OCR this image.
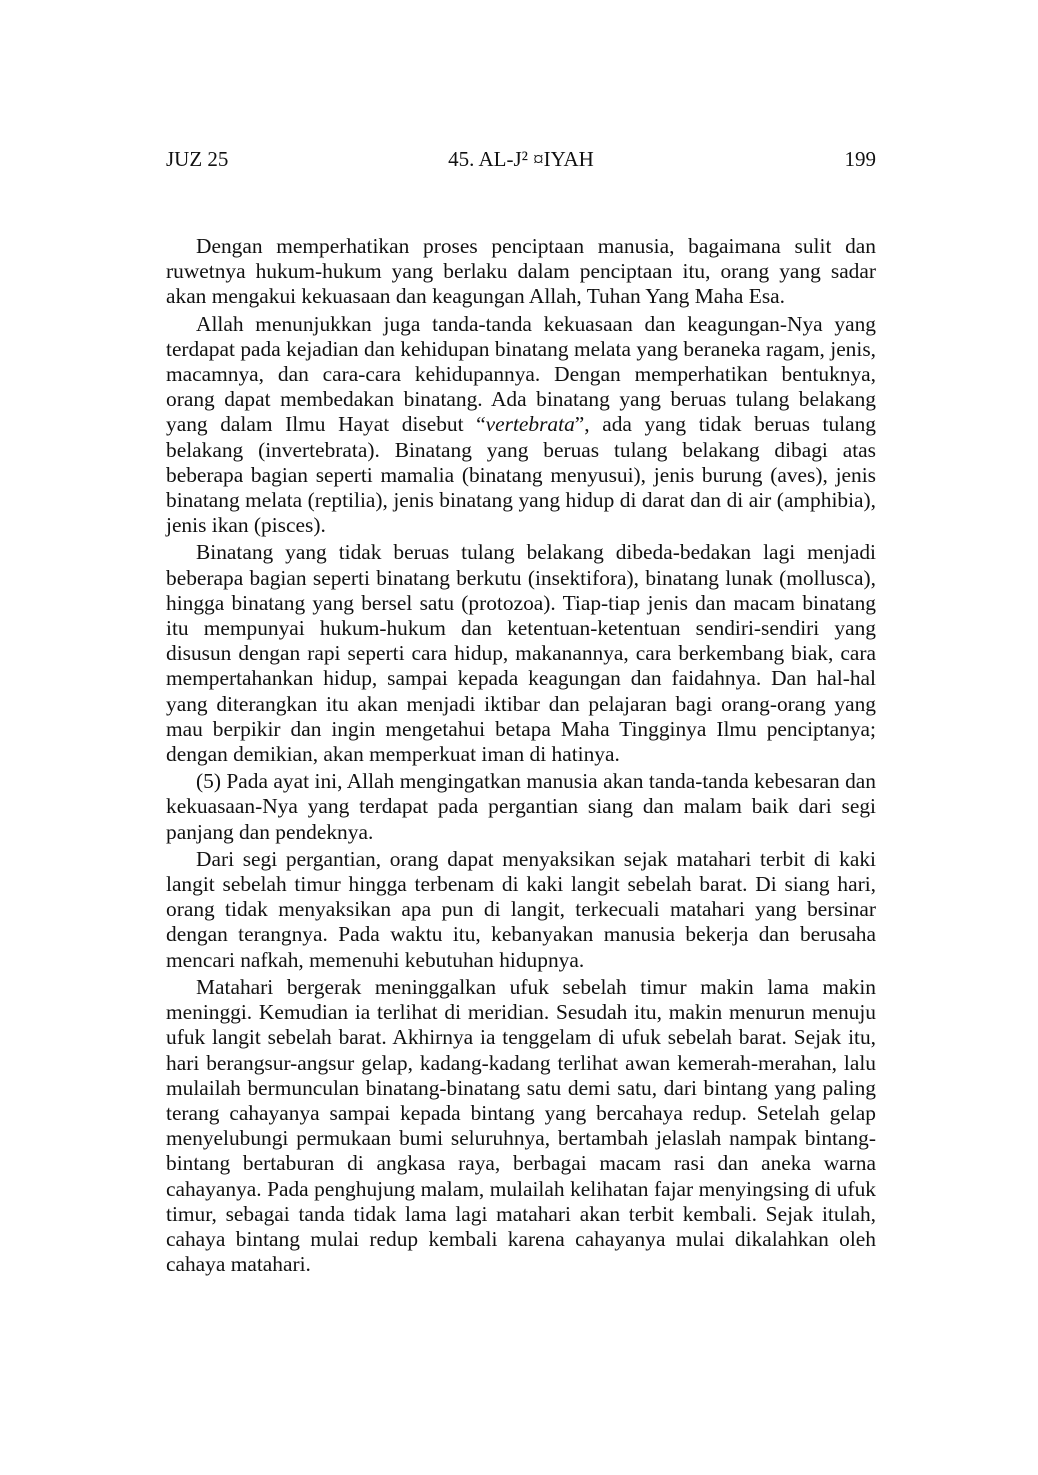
JUZ 25	45. AL-J² ¤IYAH	199

Dengan memperhatikan proses penciptaan manusia, bagaimana sulit dan ruwetnya hukum-hukum yang berlaku dalam penciptaan itu, orang yang sadar akan mengakui kekuasaan dan keagungan Allah, Tuhan Yang Maha Esa.

Allah menunjukkan juga tanda-tanda kekuasaan dan keagungan-Nya yang terdapat pada kejadian dan kehidupan binatang melata yang beraneka ragam, jenis, macamnya, dan cara-cara kehidupannya. Dengan memperhatikan bentuknya, orang dapat membedakan binatang. Ada binatang yang beruas tulang belakang yang dalam Ilmu Hayat disebut “vertebrata”, ada yang tidak beruas tulang belakang (invertebrata). Binatang yang beruas tulang belakang dibagi atas beberapa bagian seperti mamalia (binatang menyusui), jenis burung (aves), jenis binatang melata (reptilia), jenis binatang yang hidup di darat dan di air (amphibia), jenis ikan (pisces).

Binatang yang tidak beruas tulang belakang dibeda-bedakan lagi menjadi beberapa bagian seperti binatang berkutu (insektifora), binatang lunak (mollusca), hingga binatang yang bersel satu (protozoa). Tiap-tiap jenis dan macam binatang itu mempunyai hukum-hukum dan ketentuan-ketentuan sendiri-sendiri yang disusun dengan rapi seperti cara hidup, makanannya, cara berkembang biak, cara mempertahankan hidup, sampai kepada keagungan dan faidahnya. Dan hal-hal yang diterangkan itu akan menjadi iktibar dan pelajaran bagi orang-orang yang mau berpikir dan ingin mengetahui betapa Maha Tingginya Ilmu penciptanya; dengan demikian, akan memperkuat iman di hatinya.

(5) Pada ayat ini, Allah mengingatkan manusia akan tanda-tanda kebesaran dan kekuasaan-Nya yang terdapat pada pergantian siang dan malam baik dari segi panjang dan pendeknya.

Dari segi pergantian, orang dapat menyaksikan sejak matahari terbit di kaki langit sebelah timur hingga terbenam di kaki langit sebelah barat. Di siang hari, orang tidak menyaksikan apa pun di langit, terkecuali matahari yang bersinar dengan terangnya. Pada waktu itu, kebanyakan manusia bekerja dan berusaha mencari nafkah, memenuhi kebutuhan hidupnya.

Matahari bergerak meninggalkan ufuk sebelah timur makin lama makin meninggi. Kemudian ia terlihat di meridian. Sesudah itu, makin menurun menuju ufuk langit sebelah barat. Akhirnya ia tenggelam di ufuk sebelah barat. Sejak itu, hari berangsur-angsur gelap, kadang-kadang terlihat awan kemerah-merahan, lalu mulailah bermunculan binatang-binatang satu demi satu, dari bintang yang paling terang cahayanya sampai kepada bintang yang bercahaya redup. Setelah gelap menyelubungi permukaan bumi seluruhnya, bertambah jelaslah nampak bintang-bintang bertaburan di angkasa raya, berbagai macam rasi dan aneka warna cahayanya. Pada penghujung malam, mulailah kelihatan fajar menyingsing di ufuk timur, sebagai tanda tidak lama lagi matahari akan terbit kembali. Sejak itulah, cahaya bintang mulai redup kembali karena cahayanya mulai dikalahkan oleh cahaya matahari.
